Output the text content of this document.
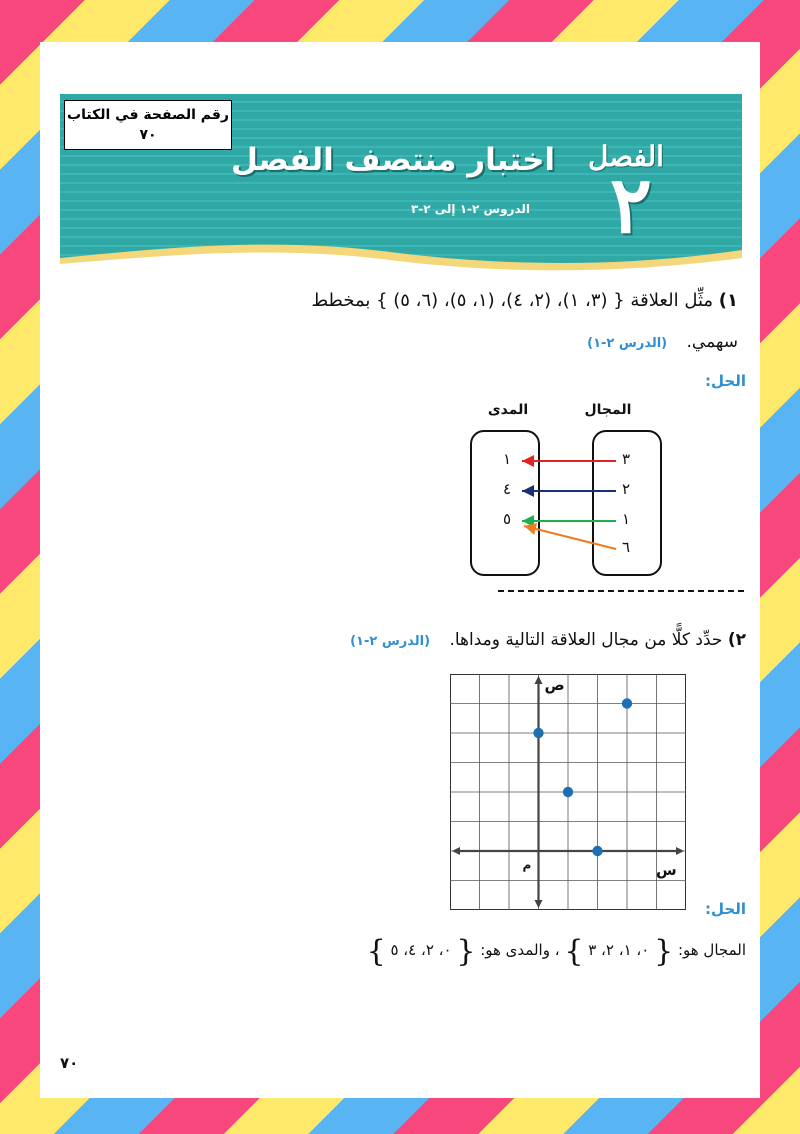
رقم الصفحة في الكتاب
٧٠
الفصل
٢
اختبار منتصف الفصل
الدروس ٢-١ إلى ٢-٣
١) مثِّل العلاقة { (٣، ١)، (٢، ٤)، (١، ٥)، (٦، ٥) } بمخطط
سهمي. (الدرس ٢-١)
الحل:
المجال
المدى
٣
٢
١
٦
١
٤
٥
٢) حدِّد كلًّا من مجال العلاقة التالية ومداها. (الدرس ٢-١)
ص
س
م
الحل:
المجال هو: { ٠، ١، ٢، ٣ } ، والمدى هو: { ٠، ٢، ٤، ٥ }
٧٠
